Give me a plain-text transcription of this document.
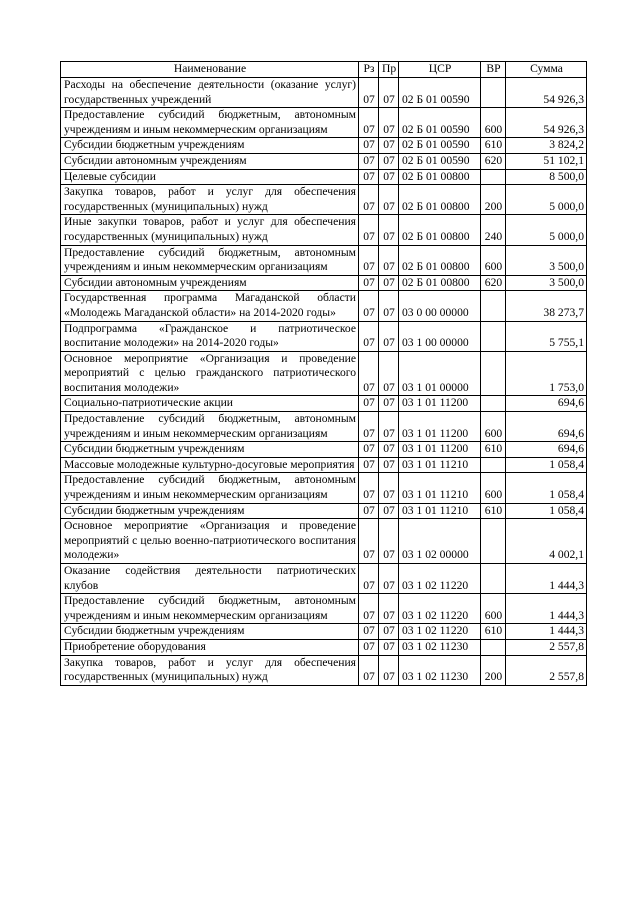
Наименование	Рз	Пр	ЦСР	ВР	Сумма
Расходы на обеспечение деятельности (оказание услуг) государственных учреждений	07	07	02 Б 01 00590		54 926,3
Предоставление субсидий бюджетным, автономным учреждениям и иным некоммерческим организациям	07	07	02 Б 01 00590	600	54 926,3
Субсидии бюджетным учреждениям	07	07	02 Б 01 00590	610	3 824,2
Субсидии автономным учреждениям	07	07	02 Б 01 00590	620	51 102,1
Целевые субсидии	07	07	02 Б 01 00800		8 500,0
Закупка товаров, работ и услуг для обеспечения государственных (муниципальных) нужд	07	07	02 Б 01 00800	200	5 000,0
Иные закупки товаров, работ и услуг для обеспечения государственных (муниципальных) нужд	07	07	02 Б 01 00800	240	5 000,0
Предоставление субсидий бюджетным, автономным учреждениям и иным некоммерческим организациям	07	07	02 Б 01 00800	600	3 500,0
Субсидии автономным учреждениям	07	07	02 Б 01 00800	620	3 500,0
Государственная программа Магаданской области «Молодежь Магаданской области» на 2014-2020 годы»	07	07	03 0 00 00000		38 273,7
Подпрограмма «Гражданское и патриотическое воспитание молодежи» на 2014-2020 годы»	07	07	03 1 00 00000		5 755,1
Основное мероприятие «Организация и проведение мероприятий с целью гражданского патриотического воспитания молодежи»	07	07	03 1 01 00000		1 753,0
Социально-патриотические акции	07	07	03 1 01 11200		694,6
Предоставление субсидий бюджетным, автономным учреждениям и иным некоммерческим организациям	07	07	03 1 01 11200	600	694,6
Субсидии бюджетным учреждениям	07	07	03 1 01 11200	610	694,6
Массовые молодежные культурно-досуговые мероприятия	07	07	03 1 01 11210		1 058,4
Предоставление субсидий бюджетным, автономным учреждениям и иным некоммерческим организациям	07	07	03 1 01 11210	600	1 058,4
Субсидии бюджетным учреждениям	07	07	03 1 01 11210	610	1 058,4
Основное мероприятие «Организация и проведение мероприятий с целью военно-патриотического воспитания молодежи»	07	07	03 1 02 00000		4 002,1
Оказание содействия деятельности патриотических клубов	07	07	03 1 02 11220		1 444,3
Предоставление субсидий бюджетным, автономным учреждениям и иным некоммерческим организациям	07	07	03 1 02 11220	600	1 444,3
Субсидии бюджетным учреждениям	07	07	03 1 02 11220	610	1 444,3
Приобретение оборудования	07	07	03 1 02 11230		2 557,8
Закупка товаров, работ и услуг для обеспечения государственных (муниципальных) нужд	07	07	03 1 02 11230	200	2 557,8
